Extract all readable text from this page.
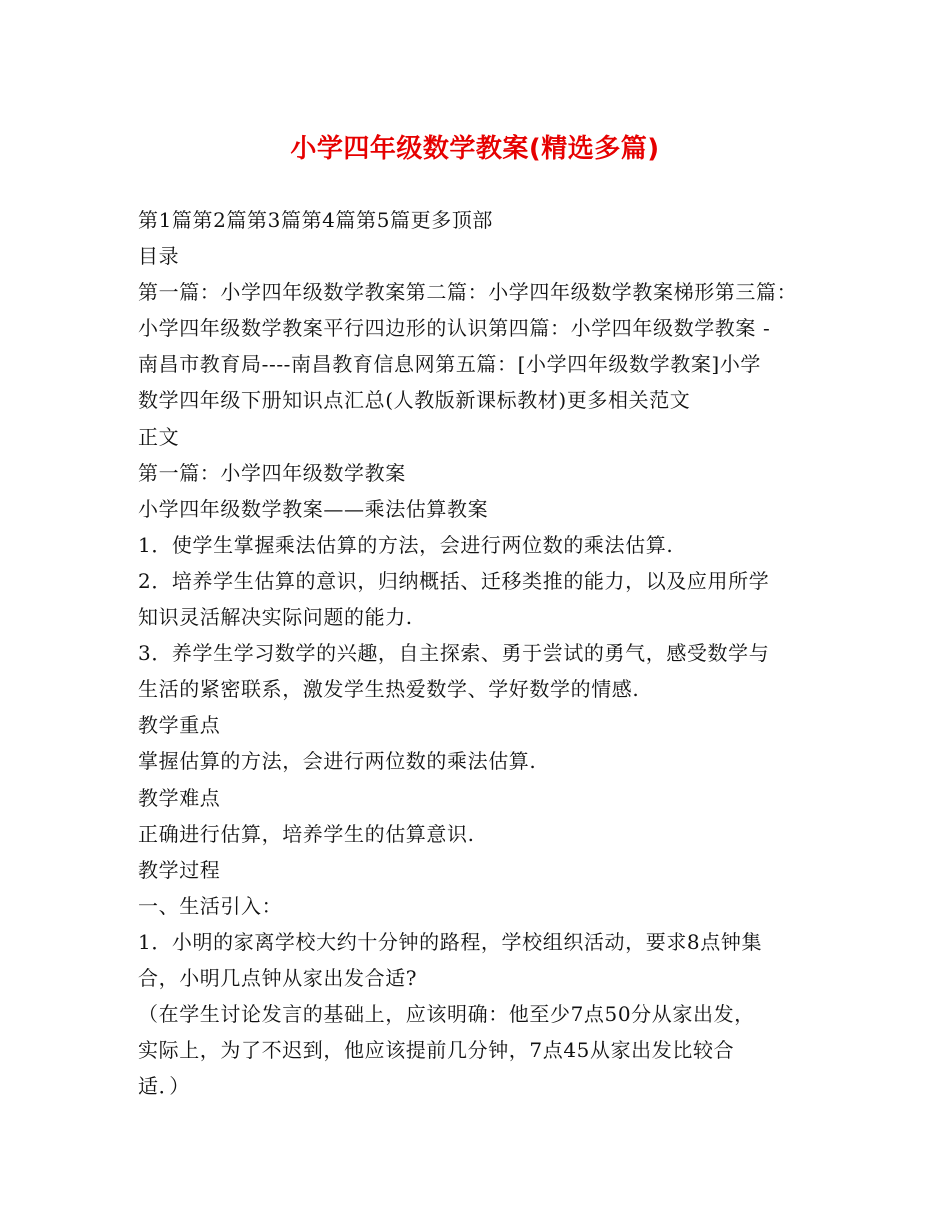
小学四年级数学教案(精选多篇)
第1篇第2篇第3篇第4篇第5篇更多顶部
目录
第一篇：小学四年级数学教案第二篇：小学四年级数学教案梯形第三篇：
小学四年级数学教案平行四边形的认识第四篇：小学四年级数学教案 -
南昌市教育局----南昌教育信息网第五篇：[小学四年级数学教案]小学
数学四年级下册知识点汇总(人教版新课标教材)更多相关范文
正文
第一篇：小学四年级数学教案
小学四年级数学教案——乘法估算教案
1．使学生掌握乘法估算的方法，会进行两位数的乘法估算.
2．培养学生估算的意识，归纳概括、迁移类推的能力，以及应用所学
知识灵活解决实际问题的能力.
3．养学生学习数学的兴趣，自主探索、勇于尝试的勇气，感受数学与
生活的紧密联系，激发学生热爱数学、学好数学的情感.
教学重点
掌握估算的方法，会进行两位数的乘法估算.
教学难点
正确进行估算，培养学生的估算意识.
教学过程
一、生活引入：
1．小明的家离学校大约十分钟的路程，学校组织活动，要求8点钟集
合，小明几点钟从家出发合适?
（在学生讨论发言的基础上，应该明确：他至少7点50分从家出发，
实际上，为了不迟到，他应该提前几分钟，7点45从家出发比较合
适．）
